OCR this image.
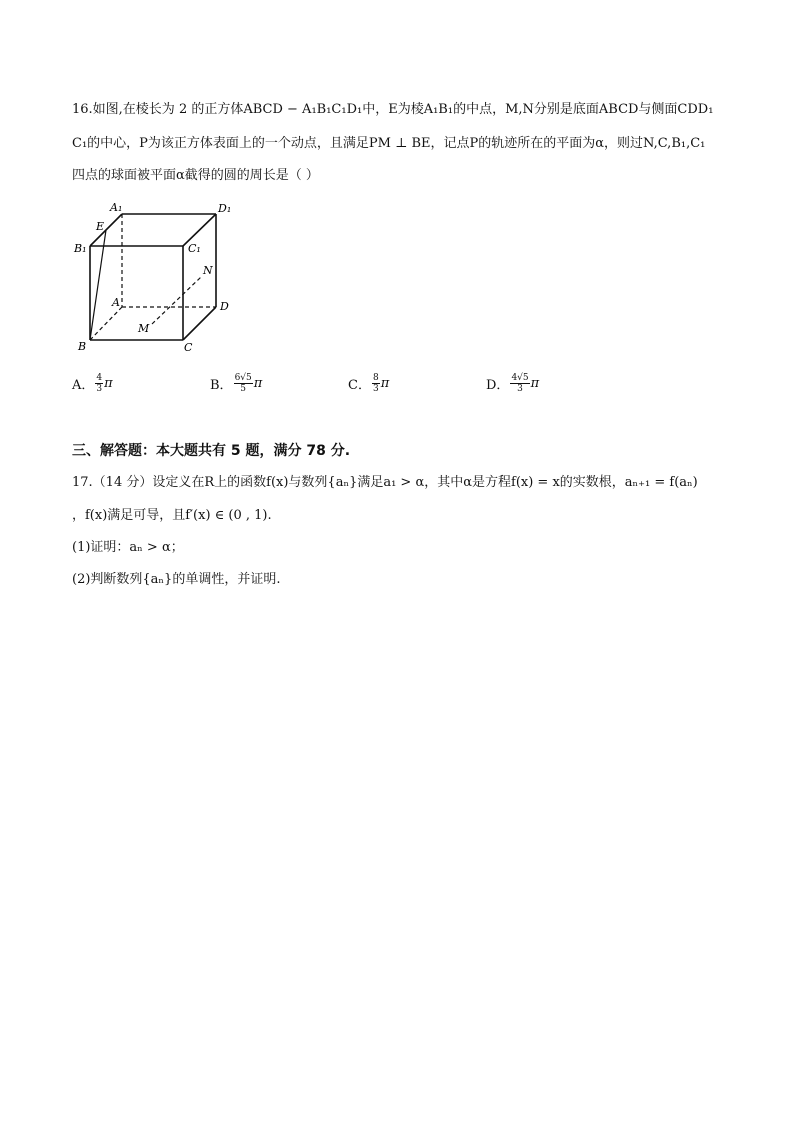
16.如图,在棱长为 2 的正方体ABCD − A₁B₁C₁D₁中，E为棱A₁B₁的中点，M,N分别是底面ABCD与侧面CDD₁
C₁的中心，P为该正方体表面上的一个动点，且满足PM ⊥ BE，记点P的轨迹所在的平面为α，则过N,C,B₁,C₁
四点的球面被平面α截得的圆的周长是（ ）
A₁	D₁
E
B₁	C₁
N
A	D
M
B	C
A． $\frac{4}{3}$ π	B． $\frac{6√5}{5}$ π	C． $\frac{8}{3}$ π	D． $\frac{4√5}{3}$ π
三、解答题：本大题共有 5 题，满分 78 分.
17.（14 分）设定义在R上的函数f(x)与数列{aₙ}满足a₁ > α，其中α是方程f(x) = x的实数根，aₙ₊₁ = f(aₙ)
，f(x)满足可导，且f′(x) ∈ (0 , 1).
(1)证明：aₙ > α；
(2)判断数列{aₙ}的单调性，并证明.
